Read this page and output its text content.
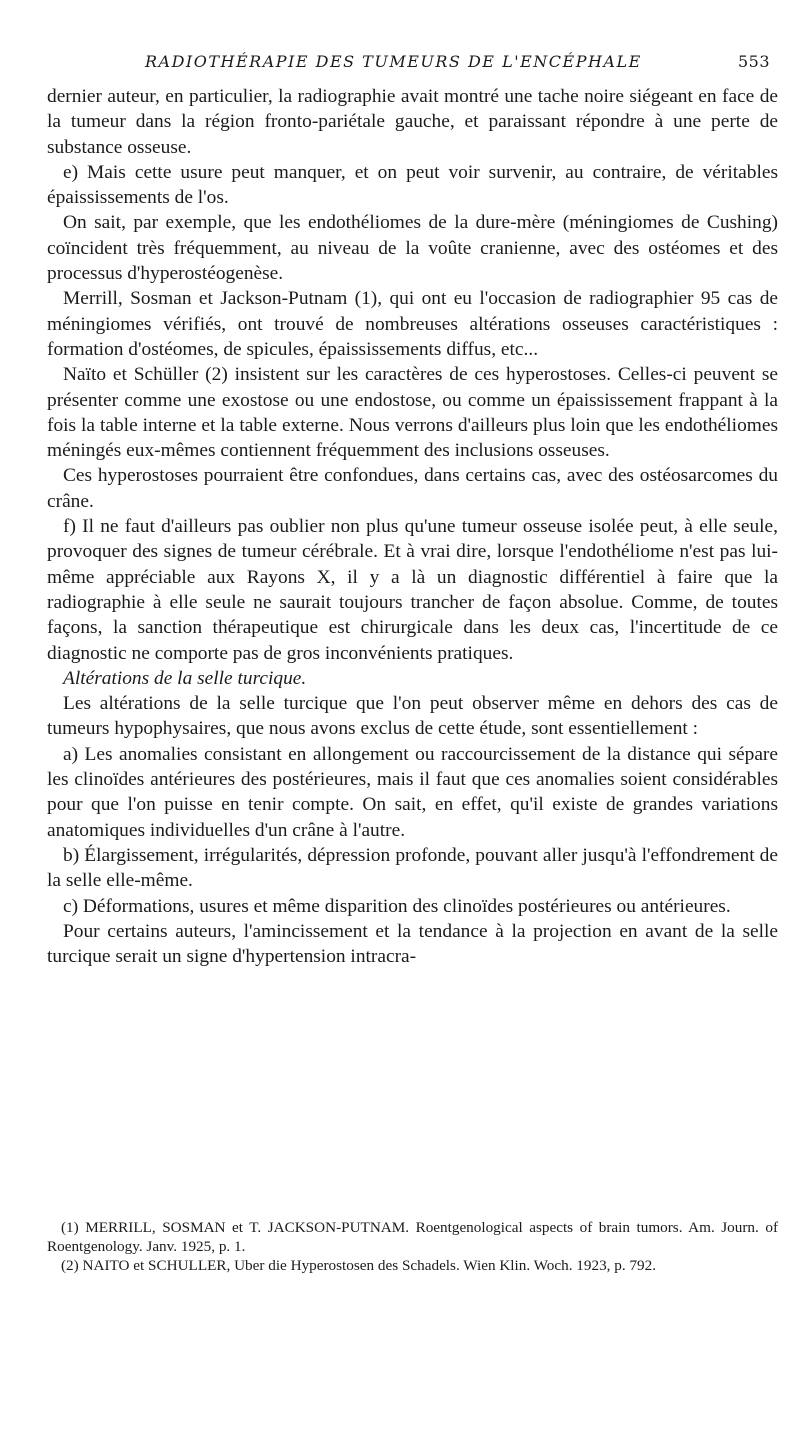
RADIOTHÉRAPIE DES TUMEURS DE L'ENCÉPHALE	553

dernier auteur, en particulier, la radiographie avait montré une tache noire siégeant en face de la tumeur dans la région fronto-pariétale gauche, et paraissant répondre à une perte de substance osseuse.

e) Mais cette usure peut manquer, et on peut voir survenir, au contraire, de véritables épaississements de l'os.

On sait, par exemple, que les endothéliomes de la dure-mère (méningiomes de Cushing) coïncident très fréquemment, au niveau de la voûte cranienne, avec des ostéomes et des processus d'hyperostéogenèse.

Merrill, Sosman et Jackson-Putnam (1), qui ont eu l'occasion de radiographier 95 cas de méningiomes vérifiés, ont trouvé de nombreuses altérations osseuses caractéristiques : formation d'ostéomes, de spicules, épaississements diffus, etc...

Naïto et Schüller (2) insistent sur les caractères de ces hyperostoses. Celles-ci peuvent se présenter comme une exostose ou une endostose, ou comme un épaississement frappant à la fois la table interne et la table externe. Nous verrons d'ailleurs plus loin que les endothéliomes méningés eux-mêmes contiennent fréquemment des inclusions osseuses.

Ces hyperostoses pourraient être confondues, dans certains cas, avec des ostéosarcomes du crâne.

f) Il ne faut d'ailleurs pas oublier non plus qu'une tumeur osseuse isolée peut, à elle seule, provoquer des signes de tumeur cérébrale. Et à vrai dire, lorsque l'endothéliome n'est pas lui-même appréciable aux Rayons X, il y a là un diagnostic différentiel à faire que la radiographie à elle seule ne saurait toujours trancher de façon absolue. Comme, de toutes façons, la sanction thérapeutique est chirurgicale dans les deux cas, l'incertitude de ce diagnostic ne comporte pas de gros inconvénients pratiques.

Altérations de la selle turcique.

Les altérations de la selle turcique que l'on peut observer même en dehors des cas de tumeurs hypophysaires, que nous avons exclus de cette étude, sont essentiellement :

a) Les anomalies consistant en allongement ou raccourcissement de la distance qui sépare les clinoïdes antérieures des postérieures, mais il faut que ces anomalies soient considérables pour que l'on puisse en tenir compte. On sait, en effet, qu'il existe de grandes variations anatomiques individuelles d'un crâne à l'autre.

b) Élargissement, irrégularités, dépression profonde, pouvant aller jusqu'à l'effondrement de la selle elle-même.

c) Déformations, usures et même disparition des clinoïdes postérieures ou antérieures.

Pour certains auteurs, l'amincissement et la tendance à la projection en avant de la selle turcique serait un signe d'hypertension intracra-

(1) MERRILL, SOSMAN et T. JACKSON-PUTNAM. Roentgenological aspects of brain tumors. Am. Journ. of Roentgenology. Janv. 1925, p. 1.

(2) NAITO et SCHULLER, Uber die Hyperostosen des Schadels. Wien Klin. Woch. 1923, p. 792.
